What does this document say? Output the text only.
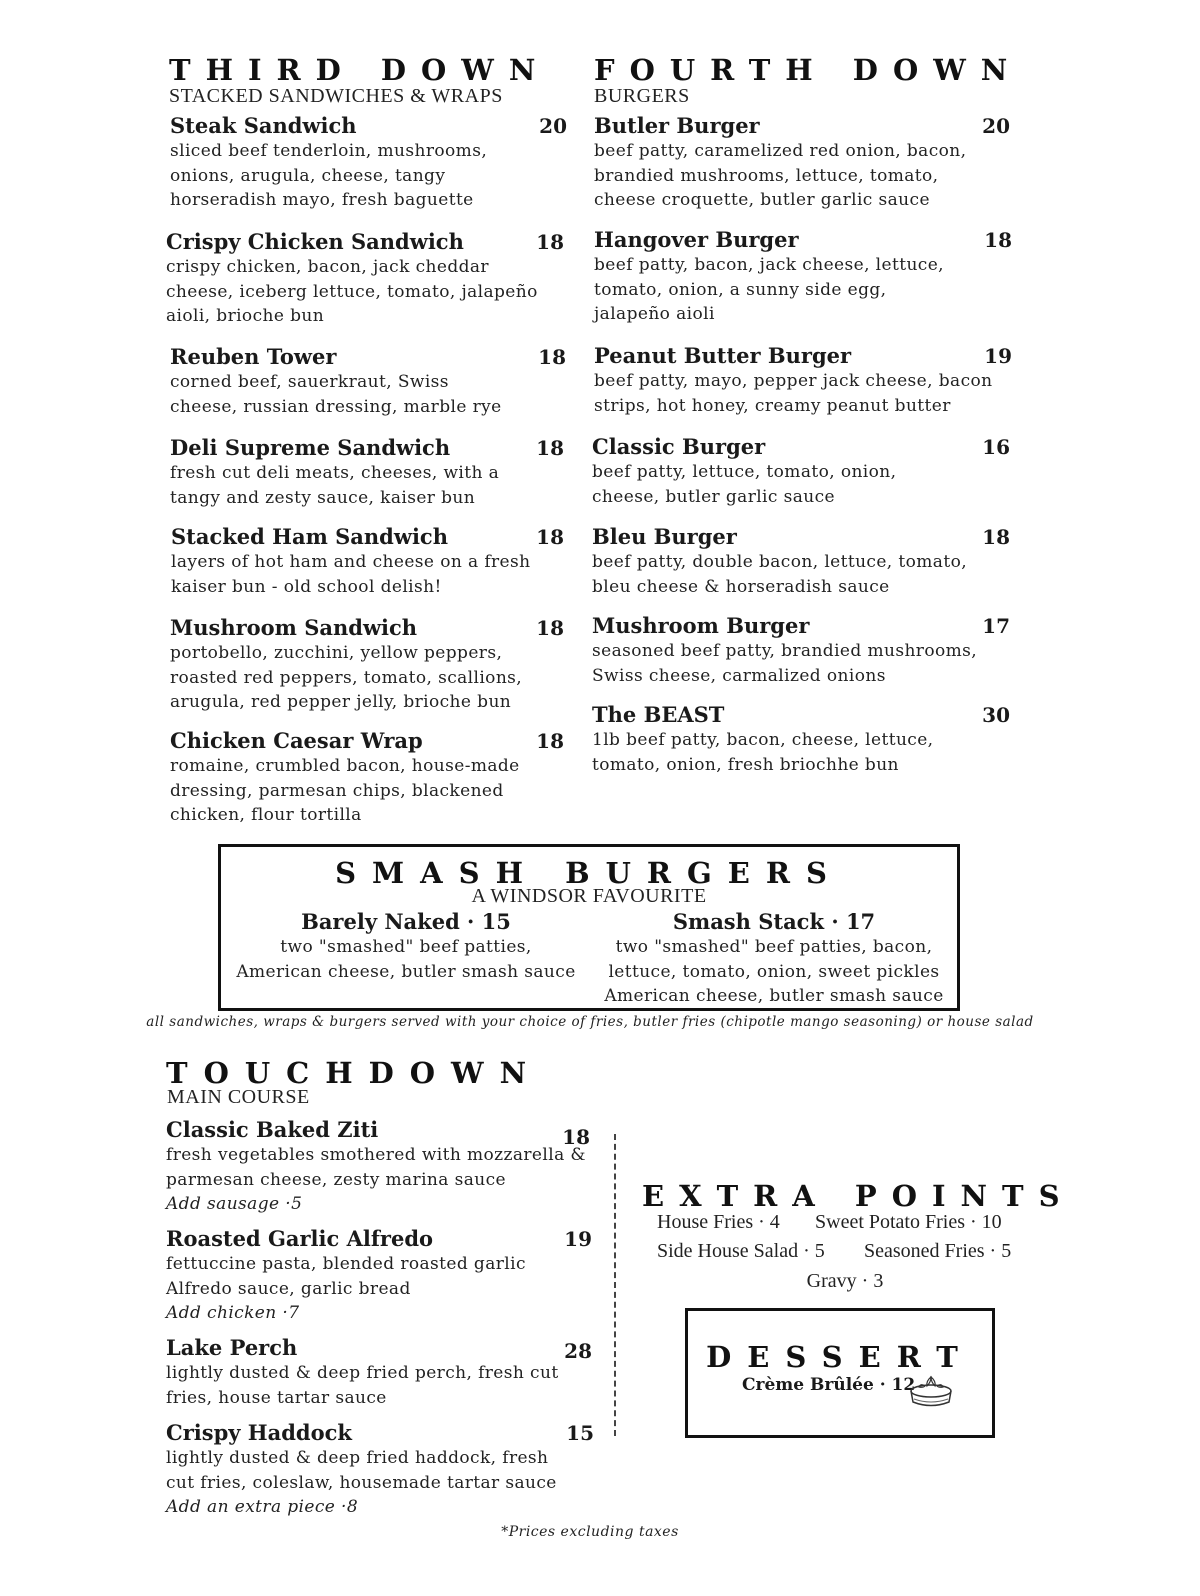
THIRD DOWN
STACKED SANDWICHES & WRAPS
Steak Sandwich	20
sliced beef tenderloin, mushrooms, onions, arugula, cheese, tangy horseradish mayo, fresh baguette
Crispy Chicken Sandwich	18
crispy chicken, bacon, jack cheddar cheese, iceberg lettuce, tomato, jalapeño aioli, brioche bun
Reuben Tower	18
corned beef, sauerkraut, Swiss cheese, russian dressing, marble rye
Deli Supreme Sandwich	18
fresh cut deli meats, cheeses, with a tangy and zesty sauce, kaiser bun
Stacked Ham Sandwich	18
layers of hot ham and cheese on a fresh kaiser bun - old school delish!
Mushroom Sandwich	18
portobello, zucchini, yellow peppers, roasted red peppers, tomato, scallions, arugula, red pepper jelly, brioche bun
Chicken Caesar Wrap	18
romaine, crumbled bacon, house-made dressing, parmesan chips, blackened chicken, flour tortilla
FOURTH DOWN
BURGERS
Butler Burger	20
beef patty, caramelized red onion, bacon, brandied mushrooms, lettuce, tomato, cheese croquette, butler garlic sauce
Hangover Burger	18
beef patty, bacon, jack cheese, lettuce, tomato, onion, a sunny side egg, jalapeño aioli
Peanut Butter Burger	19
beef patty, mayo, pepper jack cheese, bacon strips, hot honey, creamy peanut butter
Classic Burger	16
beef patty, lettuce, tomato, onion, cheese, butler garlic sauce
Bleu Burger	18
beef patty, double bacon, lettuce, tomato, bleu cheese & horseradish sauce
Mushroom Burger	17
seasoned beef patty, brandied mushrooms, Swiss cheese, carmalized onions
The BEAST	30
1lb beef patty, bacon, cheese, lettuce, tomato, onion, fresh briochhe bun
SMASH BURGERS
A WINDSOR FAVOURITE
Barely Naked · 15
two "smashed" beef patties,
American cheese, butler smash sauce
Smash Stack · 17
two "smashed" beef patties, bacon,
lettuce, tomato, onion, sweet pickles
American cheese, butler smash sauce
all sandwiches, wraps & burgers served with your choice of fries, butler fries (chipotle mango seasoning) or house salad
TOUCHDOWN
MAIN COURSE
Classic Baked Ziti	18
fresh vegetables smothered with mozzarella & parmesan cheese, zesty marina sauce
Add sausage ·5
Roasted Garlic Alfredo	19
fettuccine pasta, blended roasted garlic Alfredo sauce, garlic bread
Add chicken ·7
Lake Perch	28
lightly dusted & deep fried perch, fresh cut fries, house tartar sauce
Crispy Haddock	15
lightly dusted & deep fried haddock, fresh cut fries, coleslaw, housemade tartar sauce
Add an extra piece ·8
EXTRA POINTS
House Fries · 4 Sweet Potato Fries · 10
Side House Salad · 5 Seasoned Fries · 5
Gravy · 3
DESSERT
Crème Brûlée · 12
*Prices excluding taxes
